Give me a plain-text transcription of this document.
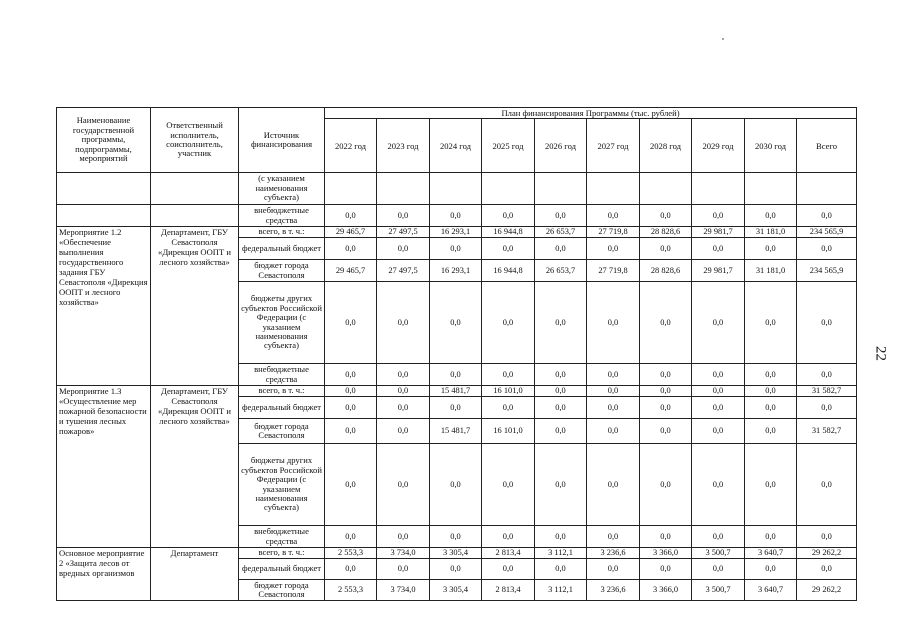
Наименование государственной программы, подпрограммы, мероприятий	Ответственный исполнитель, соисполнитель, участник	Источник финансирования	План финансирования Программы (тыс. рублей)									
			2022 год	2023 год	2024 год	2025 год	2026 год	2027 год	2028 год	2029 год	2030 год	Всего
		(с указанием наименования субъекта)										
		внебюджетные средства	0,0	0,0	0,0	0,0	0,0	0,0	0,0	0,0	0,0	0,0
Мероприятие 1.2 «Обеспечение выполнения государственного задания ГБУ Севастополя «Дирекция ООПТ и лесного хозяйства»	Департамент, ГБУ Севастополя «Дирекция ООПТ и лесного хозяйства»	всего, в т. ч.:	29 465,7	27 497,5	16 293,1	16 944,8	26 653,7	27 719,8	28 828,6	29 981,7	31 181,0	234 565,9
		федеральный бюджет	0,0	0,0	0,0	0,0	0,0	0,0	0,0	0,0	0,0	0,0
		бюджет города Севастополя	29 465,7	27 497,5	16 293,1	16 944,8	26 653,7	27 719,8	28 828,6	29 981,7	31 181,0	234 565,9
		бюджеты других субъектов Российской Федерации (с указанием наименования субъекта)	0,0	0,0	0,0	0,0	0,0	0,0	0,0	0,0	0,0	0,0
		внебюджетные средства	0,0	0,0	0,0	0,0	0,0	0,0	0,0	0,0	0,0	0,0
Мероприятие 1.3 «Осуществление мер пожарной безопасности и тушения лесных пожаров»	Департамент, ГБУ Севастополя «Дирекция ООПТ и лесного хозяйства»	всего, в т. ч.:	0,0	0,0	15 481,7	16 101,0	0,0	0,0	0,0	0,0	0,0	31 582,7
		федеральный бюджет	0,0	0,0	0,0	0,0	0,0	0,0	0,0	0,0	0,0	0,0
		бюджет города Севастополя	0,0	0,0	15 481,7	16 101,0	0,0	0,0	0,0	0,0	0,0	31 582,7
		бюджеты других субъектов Российской Федерации (с указанием наименования субъекта)	0,0	0,0	0,0	0,0	0,0	0,0	0,0	0,0	0,0	0,0
		внебюджетные средства	0,0	0,0	0,0	0,0	0,0	0,0	0,0	0,0	0,0	0,0
Основное мероприятие 2 «Защита лесов от вредных организмов	Департамент	всего, в т. ч.:	2 553,3	3 734,0	3 305,4	2 813,4	3 112,1	3 236,6	3 366,0	3 500,7	3 640,7	29 262,2
		федеральный бюджет	0,0	0,0	0,0	0,0	0,0	0,0	0,0	0,0	0,0	0,0
		бюджет города Севастополя	2 553,3	3 734,0	3 305,4	2 813,4	3 112,1	3 236,6	3 366,0	3 500,7	3 640,7	29 262,2
22
